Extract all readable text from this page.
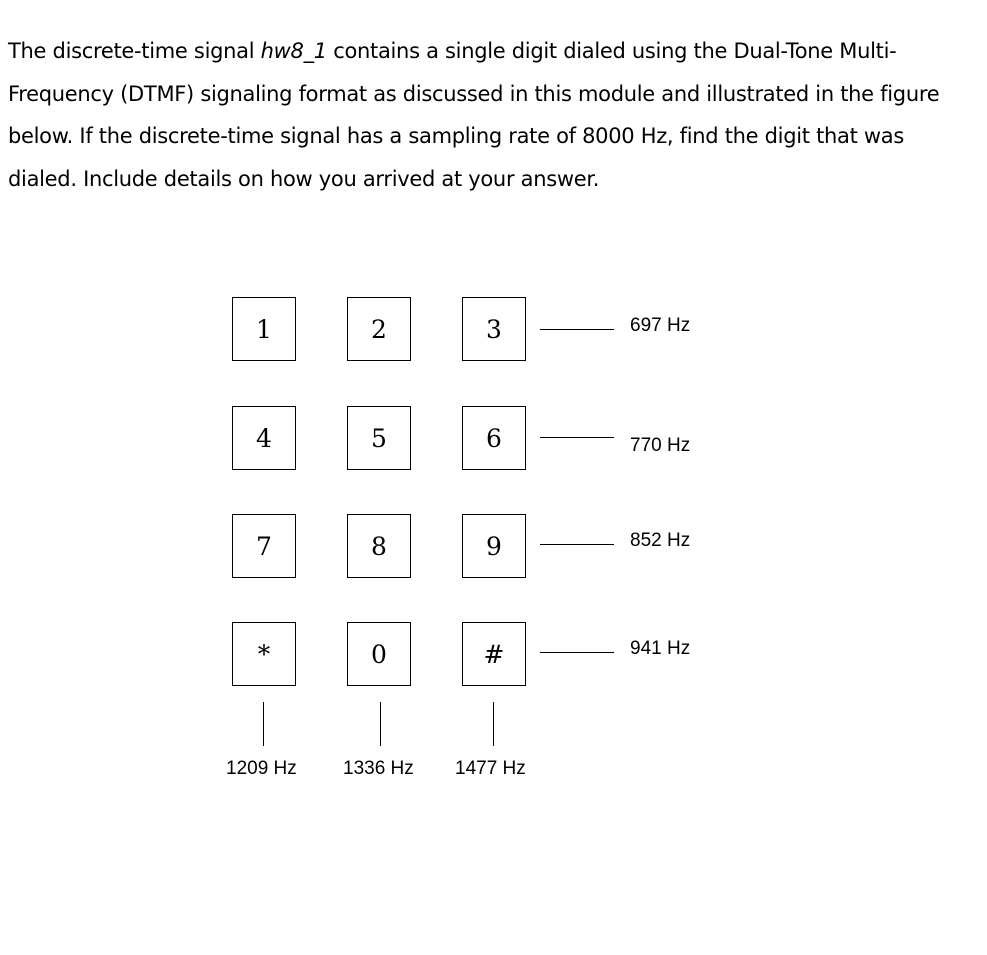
The discrete-time signal hw8_1 contains a single digit dialed using the Dual-Tone Multi-Frequency (DTMF) signaling format as discussed in this module and illustrated in the figure below. If the discrete-time signal has a sampling rate of 8000 Hz, find the digit that was dialed. Include details on how you arrived at your answer.

1	2	3	697 Hz
4	5	6	770 Hz
7	8	9	852 Hz
*	0	#	941 Hz
1209 Hz 1336 Hz 1477 Hz
